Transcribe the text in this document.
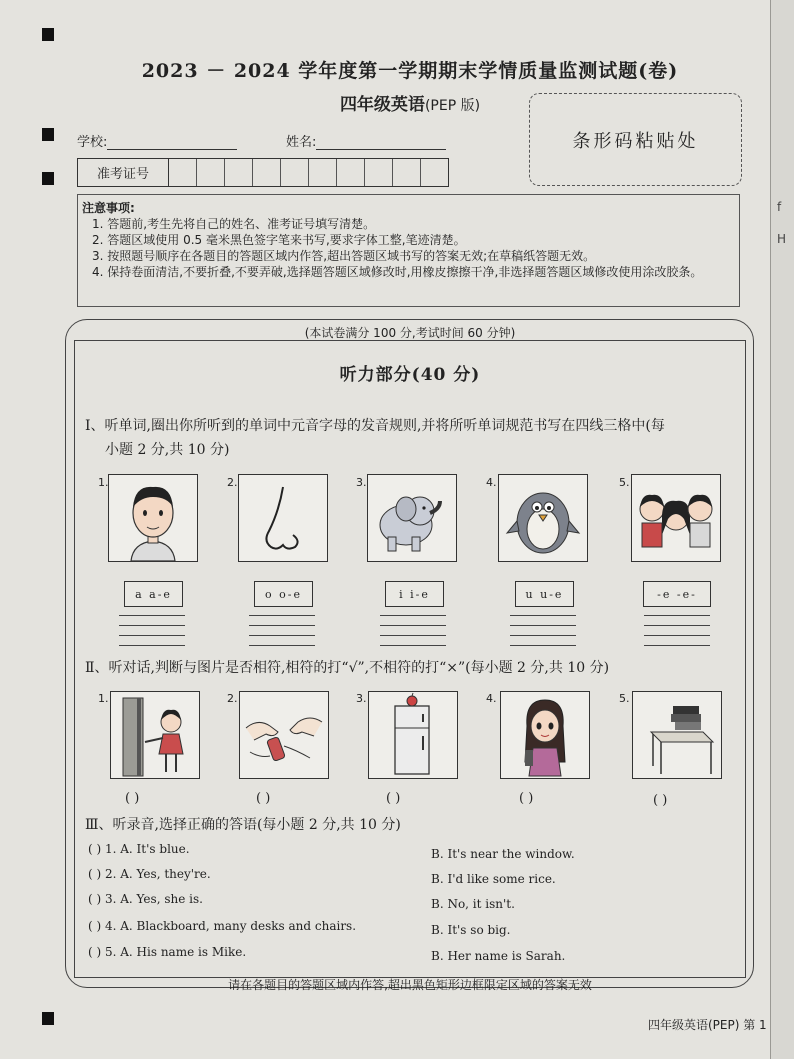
2023 － 2024 学年度第一学期期末学情质量监测试题(卷)
四年级英语(PEP 版)
条形码粘贴处
学校:	姓名:
准考证号
注意事项:
1. 答题前,考生先将自己的姓名、准考证号填写清楚。
2. 答题区域使用 0.5 毫米黑色签字笔来书写,要求字体工整,笔迹清楚。
3. 按照题号顺序在各题目的答题区域内作答,超出答题区域书写的答案无效;在草稿纸答题无效。
4. 保持卷面清洁,不要折叠,不要弄破,选择题答题区域修改时,用橡皮擦擦干净,非选择题答题区域修改使用涂改胶条。
(本试卷满分 100 分,考试时间 60 分钟)
听力部分(40 分)
Ⅰ、听单词,圈出你所听到的单词中元音字母的发音规则,并将所听单词规范书写在四线三格中(每
小题 2 分,共 10 分)
1.	2.	3.	4.	5.
a a-e	o o-e	i i-e	u u-e	-e -e-
Ⅱ、听对话,判断与图片是否相符,相符的打“√”,不相符的打“×”(每小题 2 分,共 10 分)
1.	2.	3.	4.	5.
( )	( )	( )	( )	( )
Ⅲ、听录音,选择正确的答语(每小题 2 分,共 10 分)
( ) 1. A. It's blue.	B. It's near the window.
( ) 2. A. Yes, they're.	B. I'd like some rice.
( ) 3. A. Yes, she is.	B. No, it isn't.
( ) 4. A. Blackboard, many desks and chairs.	B. It's so big.
( ) 5. A. His name is Mike.	B. Her name is Sarah.
请在各题目的答题区域内作答,超出黑色矩形边框限定区域的答案无效
四年级英语(PEP) 第 1
f
H
